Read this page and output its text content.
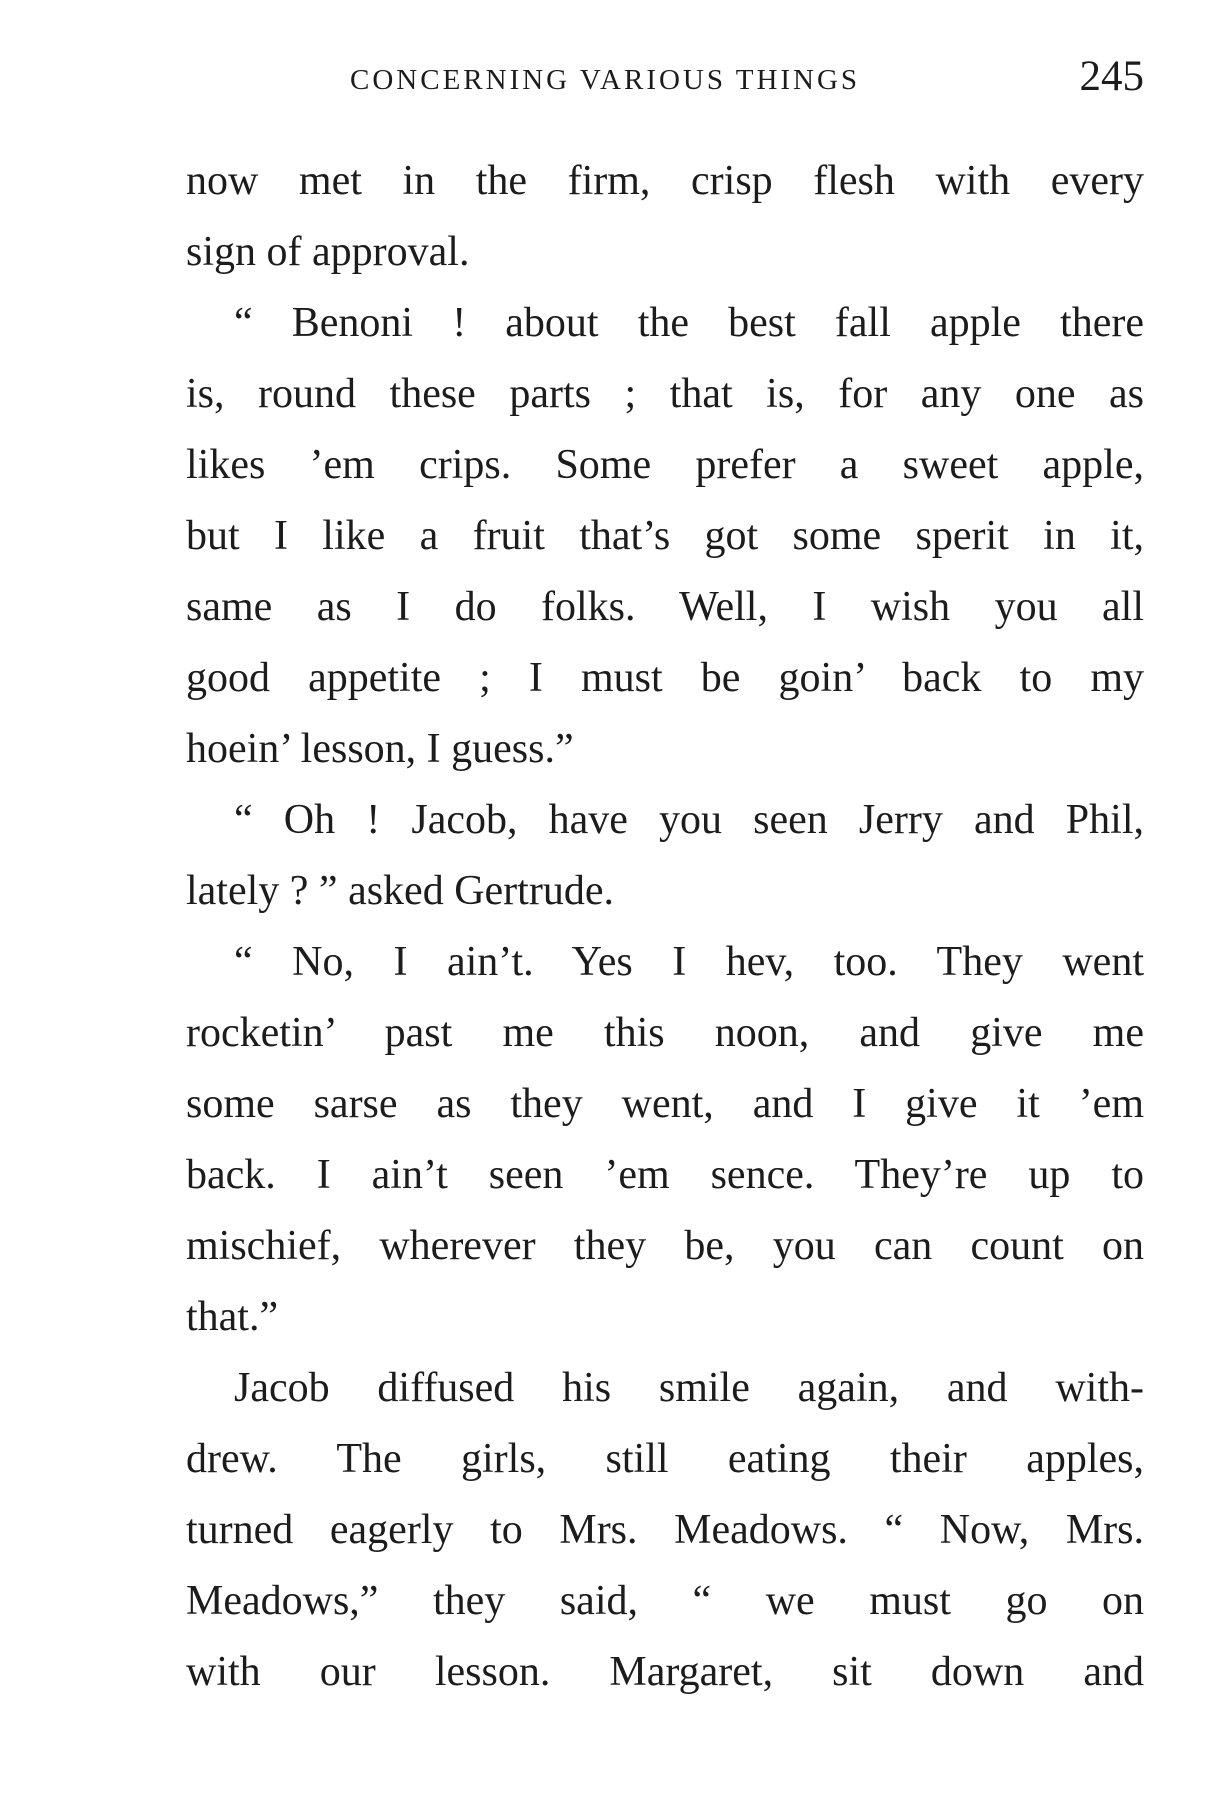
CONCERNING VARIOUS THINGS	245
now met in the firm, crisp flesh with every
sign of approval.
“ Benoni ! about the best fall apple there
is, round these parts ; that is, for any one as
likes ’em crips. Some prefer a sweet apple,
but I like a fruit that’s got some sperit in it,
same as I do folks. Well, I wish you all
good appetite ; I must be goin’ back to my
hoein’ lesson, I guess.”
“ Oh ! Jacob, have you seen Jerry and Phil,
lately ? ” asked Gertrude.
“ No, I ain’t. Yes I hev, too. They went
rocketin’ past me this noon, and give me
some sarse as they went, and I give it ’em
back. I ain’t seen ’em sence. They’re up to
mischief, wherever they be, you can count on
that.”
Jacob diffused his smile again, and with-
drew. The girls, still eating their apples,
turned eagerly to Mrs. Meadows. “ Now, Mrs.
Meadows,” they said, “ we must go on
with our lesson. Margaret, sit down and
